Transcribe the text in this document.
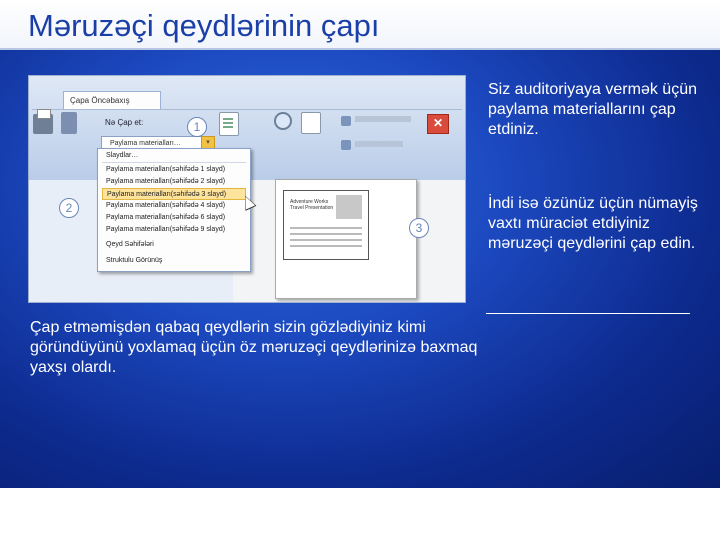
Məruzəçi qeydlərinin çapı
Çapa Öncəbaxış
Nə Çap et:
Paylama materialları…	▾
✕
Adventure Works Travel Presentation
Slaydlar…
Paylama materialları(səhifədə 1 slayd)
Paylama materialları(səhifədə 2 slayd)
Paylama materialları(səhifədə 3 slayd)
Paylama materialları(səhifədə 4 slayd)
Paylama materialları(səhifədə 6 slayd)
Paylama materialları(səhifədə 9 slayd)
Qeyd Səhifələri
Struktulu Görünüş
1
2
3
Siz auditoriyaya vermək üçün paylama materiallarını çap etdiniz.
İndi isə özünüz üçün nümayiş vaxtı müraciət etdiyiniz məruzəçi qeydlərini çap edin.
Çap etməmişdən qabaq qeydlərin sizin gözlədiyiniz kimi göründüyünü yoxlamaq üçün öz məruzəçi qeydlərinizə baxmaq yaxşı olardı.
